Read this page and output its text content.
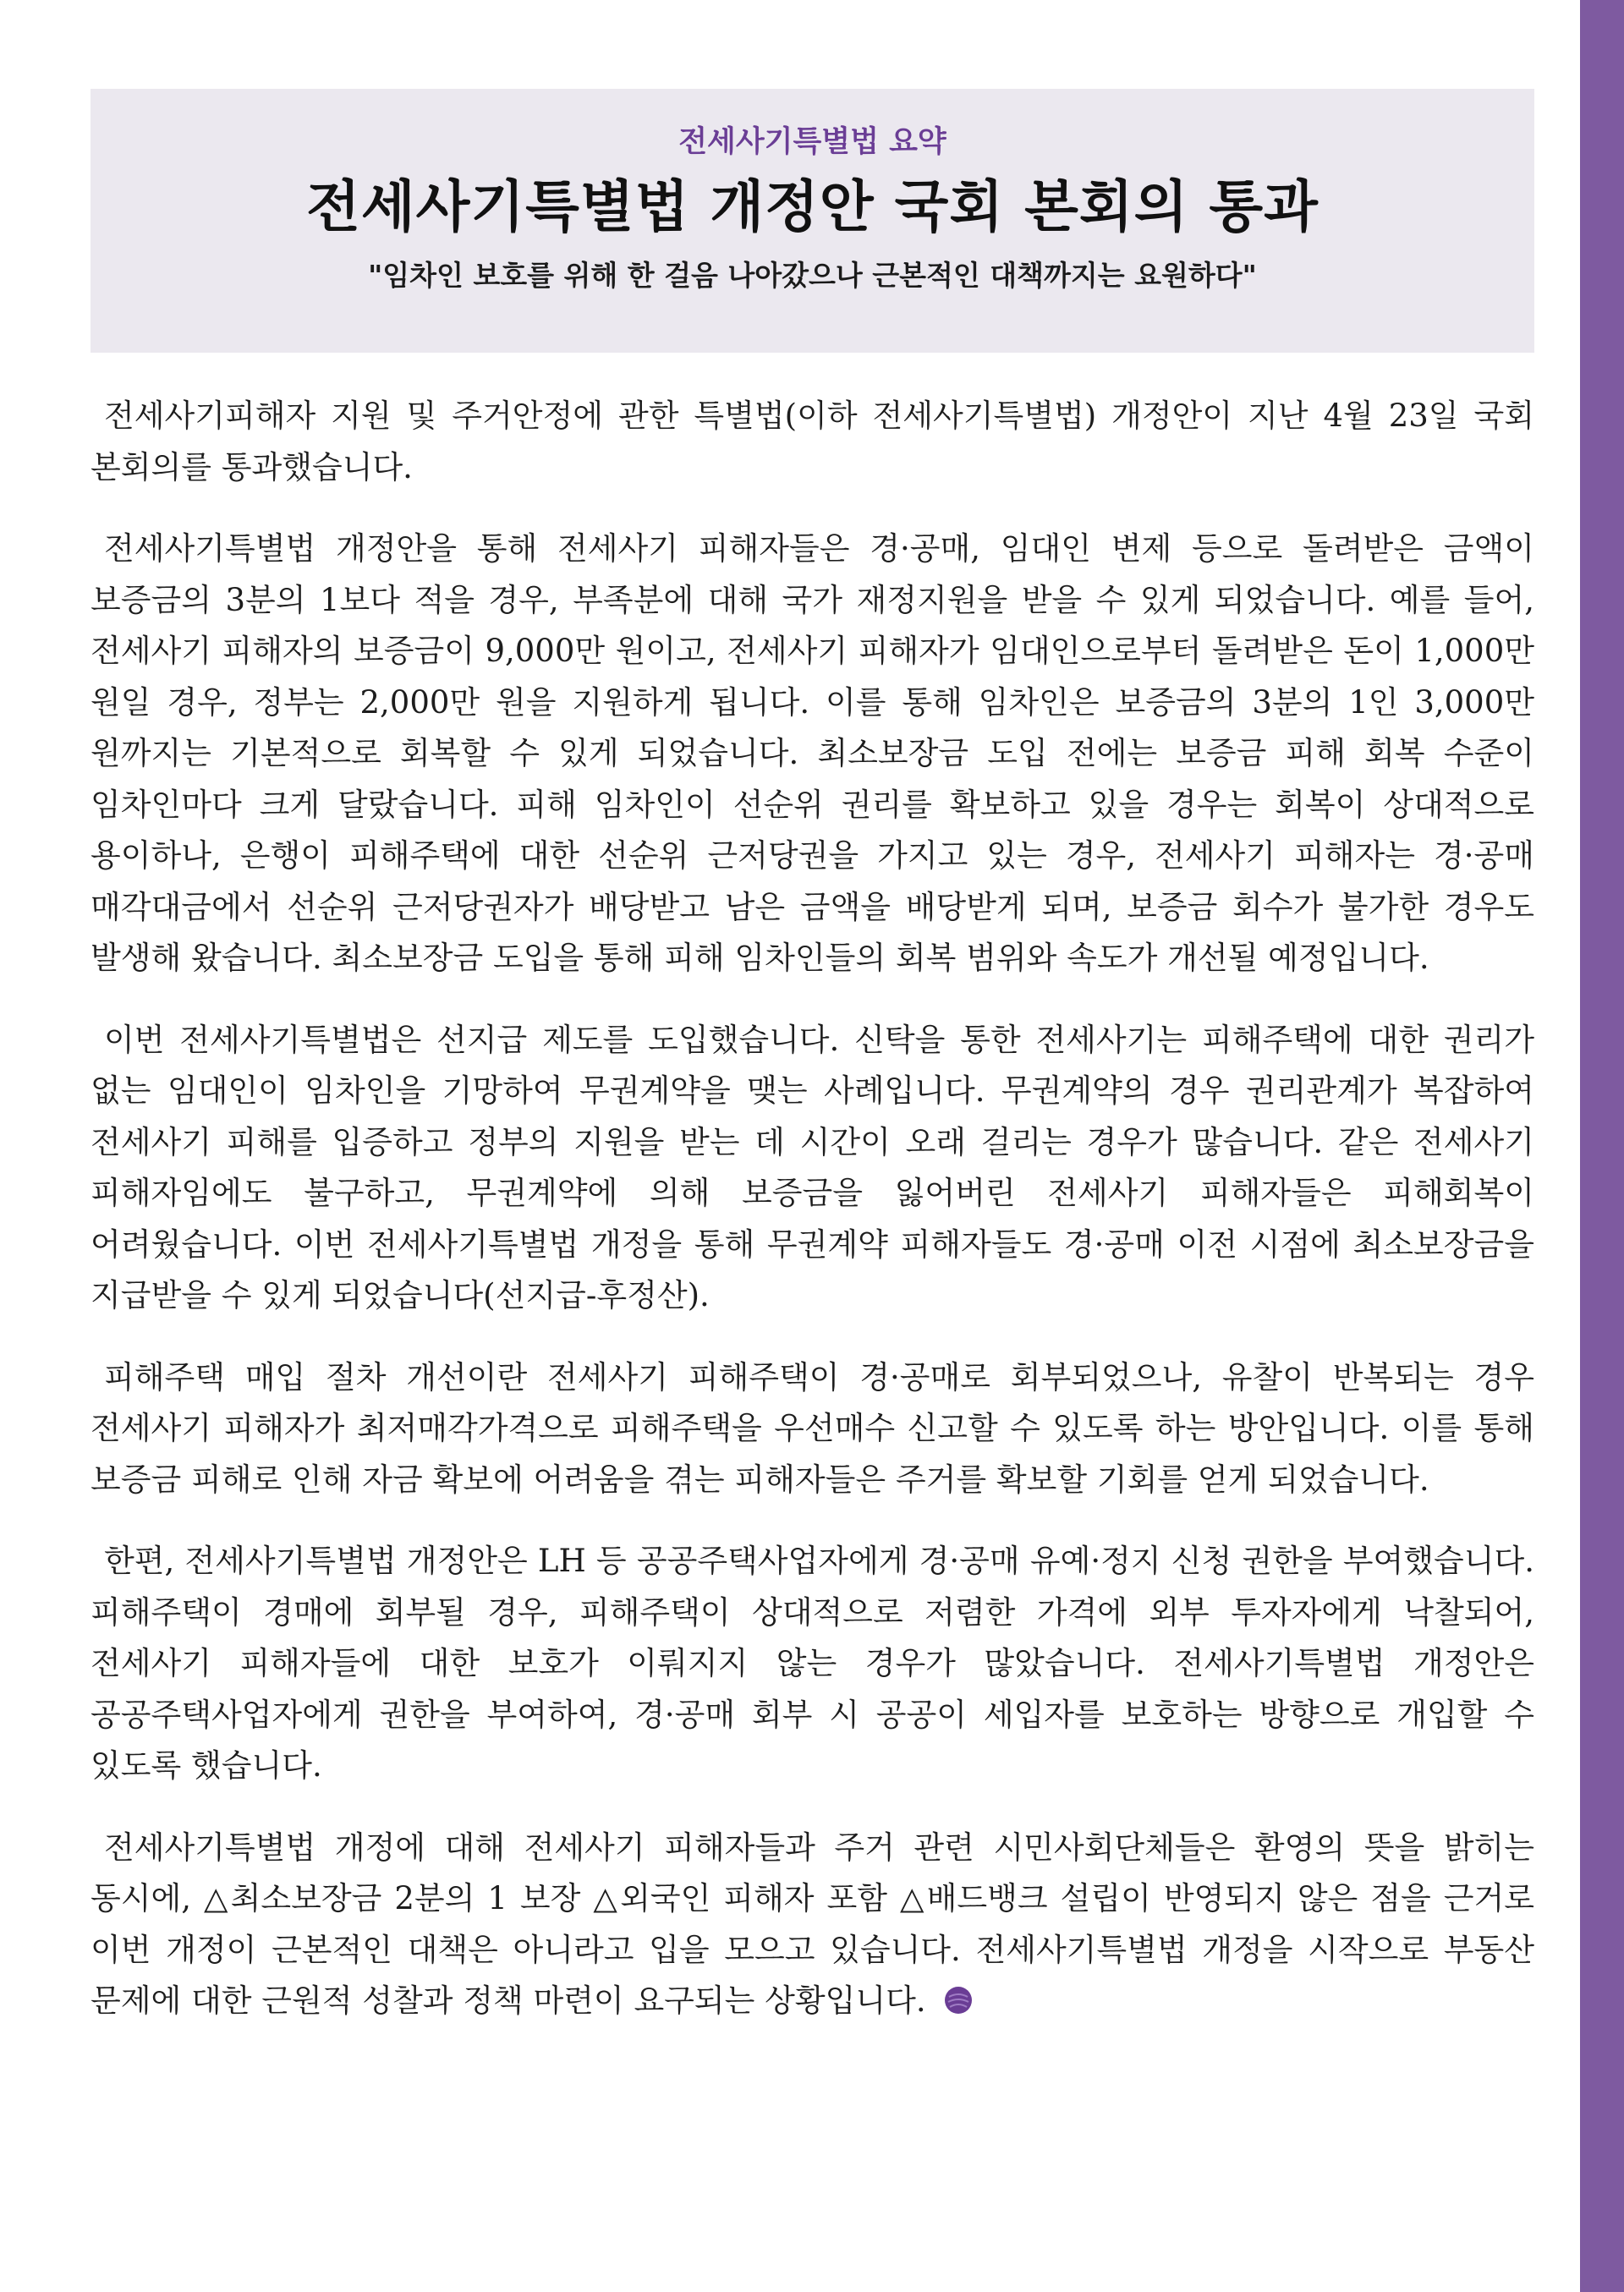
전세사기특별법 요약

전세사기특별법 개정안 국회 본회의 통과

"임차인 보호를 위해 한 걸음 나아갔으나 근본적인 대책까지는 요원하다"

전세사기피해자 지원 및 주거안정에 관한 특별법(이하 전세사기특별법) 개정안이 지난 4월 23일 국회 본회의를 통과했습니다.

전세사기특별법 개정안을 통해 전세사기 피해자들은 경·공매, 임대인 변제 등으로 돌려받은 금액이 보증금의 3분의 1보다 적을 경우, 부족분에 대해 국가 재정지원을 받을 수 있게 되었습니다. 예를 들어, 전세사기 피해자의 보증금이 9,000만 원이고, 전세사기 피해자가 임대인으로부터 돌려받은 돈이 1,000만 원일 경우, 정부는 2,000만 원을 지원하게 됩니다. 이를 통해 임차인은 보증금의 3분의 1인 3,000만 원까지는 기본적으로 회복할 수 있게 되었습니다. 최소보장금 도입 전에는 보증금 피해 회복 수준이 임차인마다 크게 달랐습니다. 피해 임차인이 선순위 권리를 확보하고 있을 경우는 회복이 상대적으로 용이하나, 은행이 피해주택에 대한 선순위 근저당권을 가지고 있는 경우, 전세사기 피해자는 경·공매 매각대금에서 선순위 근저당권자가 배당받고 남은 금액을 배당받게 되며, 보증금 회수가 불가한 경우도 발생해 왔습니다. 최소보장금 도입을 통해 피해 임차인들의 회복 범위와 속도가 개선될 예정입니다.

이번 전세사기특별법은 선지급 제도를 도입했습니다. 신탁을 통한 전세사기는 피해주택에 대한 권리가 없는 임대인이 임차인을 기망하여 무권계약을 맺는 사례입니다. 무권계약의 경우 권리관계가 복잡하여 전세사기 피해를 입증하고 정부의 지원을 받는 데 시간이 오래 걸리는 경우가 많습니다. 같은 전세사기 피해자임에도 불구하고, 무권계약에 의해 보증금을 잃어버린 전세사기 피해자들은 피해회복이 어려웠습니다. 이번 전세사기특별법 개정을 통해 무권계약 피해자들도 경·공매 이전 시점에 최소보장금을 지급받을 수 있게 되었습니다(선지급-후정산).

피해주택 매입 절차 개선이란 전세사기 피해주택이 경·공매로 회부되었으나, 유찰이 반복되는 경우 전세사기 피해자가 최저매각가격으로 피해주택을 우선매수 신고할 수 있도록 하는 방안입니다. 이를 통해 보증금 피해로 인해 자금 확보에 어려움을 겪는 피해자들은 주거를 확보할 기회를 얻게 되었습니다.

한편, 전세사기특별법 개정안은 LH 등 공공주택사업자에게 경·공매 유예·정지 신청 권한을 부여했습니다. 피해주택이 경매에 회부될 경우, 피해주택이 상대적으로 저렴한 가격에 외부 투자자에게 낙찰되어, 전세사기 피해자들에 대한 보호가 이뤄지지 않는 경우가 많았습니다. 전세사기특별법 개정안은 공공주택사업자에게 권한을 부여하여, 경·공매 회부 시 공공이 세입자를 보호하는 방향으로 개입할 수 있도록 했습니다.

전세사기특별법 개정에 대해 전세사기 피해자들과 주거 관련 시민사회단체들은 환영의 뜻을 밝히는 동시에, △최소보장금 2분의 1 보장 △외국인 피해자 포함 △배드뱅크 설립이 반영되지 않은 점을 근거로 이번 개정이 근본적인 대책은 아니라고 입을 모으고 있습니다. 전세사기특별법 개정을 시작으로 부동산 문제에 대한 근원적 성찰과 정책 마련이 요구되는 상황입니다.
